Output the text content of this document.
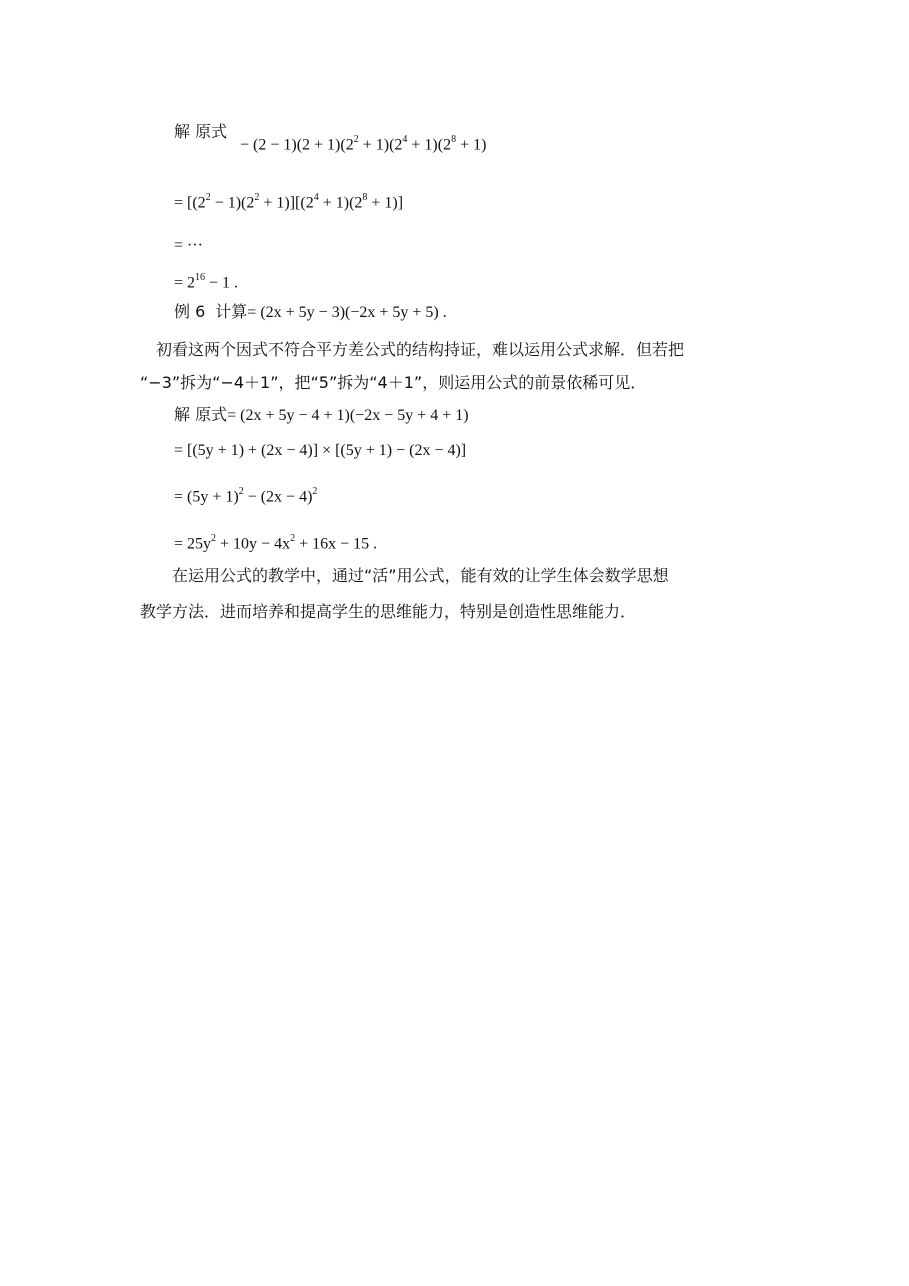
解 原式
− $(2 - 1)(2 + 1)(2^2 + 1)(2^4 + 1)(2^8 + 1)$
= $[(2^2 - 1)(2^2 + 1)][(2^4 + 1)(2^8 + 1)]$
= ···
= $2^{16} - 1$ .
例 6 计算= (2x + 5y − 3)(−2x + 5y + 5) .
初看这两个因式不符合平方差公式的结构持证，难以运用公式求解．但若把
“−3”拆为“−4＋1”，把“5”拆为“4＋1”，则运用公式的前景依稀可见．
解 原式= (2x + 5y − 4 + 1)(−2x − 5y + 4 + 1)
= [(5y + 1) + (2x − 4)] × [(5y + 1) − (2x − 4)]
= $(5y + 1)^2 - (2x - 4)^2$
= $25y^2 + 10y - 4x^2 + 16x - 15$ .
在运用公式的教学中，通过“活”用公式，能有效的让学生体会数学思想
教学方法．进而培养和提高学生的思维能力，特别是创造性思维能力．
